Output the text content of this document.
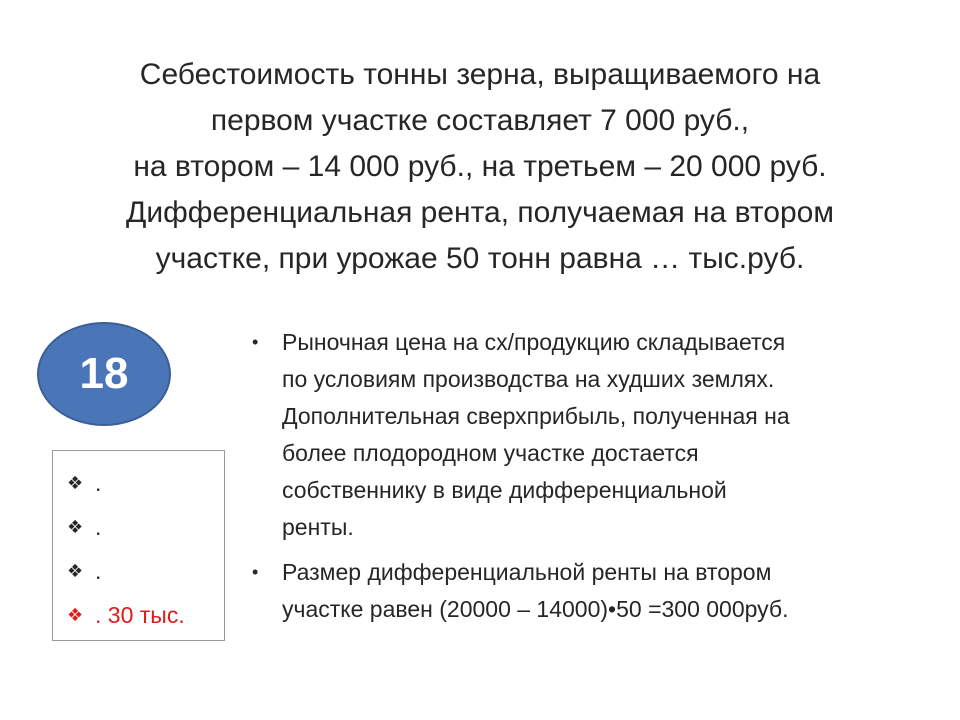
Себестоимость тонны зерна, выращиваемого на
первом участке составляет 7 000 руб.,
на втором – 14 000 руб., на третьем – 20 000 руб.
Дифференциальная рента, получаемая на втором
участке, при урожае 50 тонн равна … тыс.руб.
18
❖ .
❖ .
❖ .
❖ . 30 тыс.
•	Рыночная цена на сх/продукцию складывается
по условиям производства на худших землях.
Дополнительная сверхприбыль, полученная на
более плодородном участке достается
собственнику в виде дифференциальной
ренты.
•	Размер дифференциальной ренты на втором
участке равен (20000 – 14000)•50 =300 000руб.
